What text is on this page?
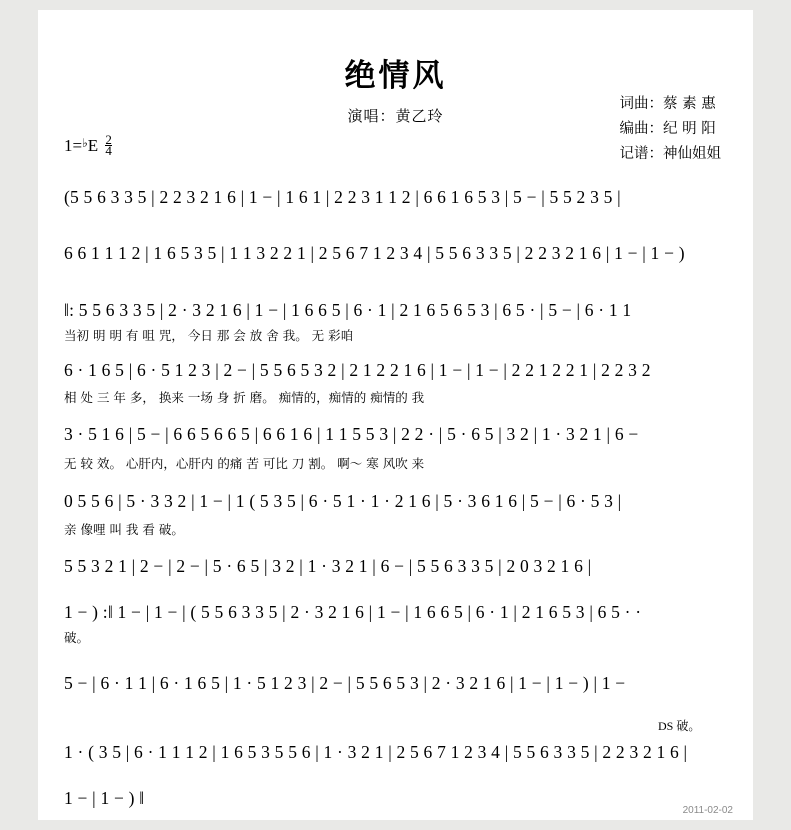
绝情风
演唱：黄乙玲
词曲：蔡 素 惠
编曲：纪 明 阳
记谱：神仙姐姐
$1=^♭E \frac{2}{4}$
(5 5 6 3 3 5 | 2 2 3 2 1 6 | 1 − | 1 6 1 | 2 2 3 1 1 2 | 6 6 1 6 5 3 | 5 − | 5 5 2 3 5 |
6 6 1 1 1 2 | 1 6 5 3 5 | 1 1 3 2 2 1 | 2 5 6 7 1 2 3 4 | 5 5 6 3 3 5 | 2 2 3 2 1 6 | 1 − | 1 − )
‖: 5 5 6 3 3 5 | 2 · 3 2 1 6 | 1 − | 1 6 6 5 | 6 · 1 | 2 1 6 5 6 5 3 | 6 5 · | 5 − | 6 · 1 1
当初 明 明 有 咀 咒， 今日 那 会 放 舍 我。 无 彩咱
6 · 1 6 5 | 6 · 5 1 2 3 | 2 − | 5 5 6 5 3 2 | 2 1 2 2 1 6 | 1 − | 1 − | 2 2 1 2 2 1 | 2 2 3 2
相 处 三 年 多， 换来 一场 身 折 磨。 痴情的，痴情的 痴情的 我
3 · 5 1 6 | 5 − | 6 6 5 6 6 5 | 6 6 1 6 | 1 1 5 5 3 | 2 2 · | 5 · 6 5 | 3 2 | 1 · 3 2 1 | 6 −
无 较 效。 心肝内，心肝内 的痛 苦 可比 刀 割。 啊～ 寒 风吹 来
0 5 5 6 | 5 · 3 3 2 | 1 − | 1 ( 5 3 5 | 6 · 5 1 · 1 · 2 1 6 | 5 · 3 6 1 6 | 5 − | 6 · 5 3 |
亲 像哩 叫 我 看 破。
5 5 3 2 1 | 2 − | 2 − | 5 · 6 5 | 3 2 | 1 · 3 2 1 | 6 − | 5 5 6 3 3 5 | 2 0 3 2 1 6 |
1 − ) :‖ 1 − | 1 − | ( 5 5 6 3 3 5 | 2 · 3 2 1 6 | 1 − | 1 6 6 5 | 6 · 1 | 2 1 6 5 3 | 6 5 · ·
破。
5 − | 6 · 1 1 | 6 · 1 6 5 | 1 · 5 1 2 3 | 2 − | 5 5 6 5 3 | 2 · 3 2 1 6 | 1 − | 1 − ) | 1 −
DS 破。
1 · ( 3 5 | 6 · 1 1 1 2 | 1 6 5 3 5 5 6 | 1 · 3 2 1 | 2 5 6 7 1 2 3 4 | 5 5 6 3 3 5 | 2 2 3 2 1 6 |
1 − | 1 − ) ‖
2011-02-02
